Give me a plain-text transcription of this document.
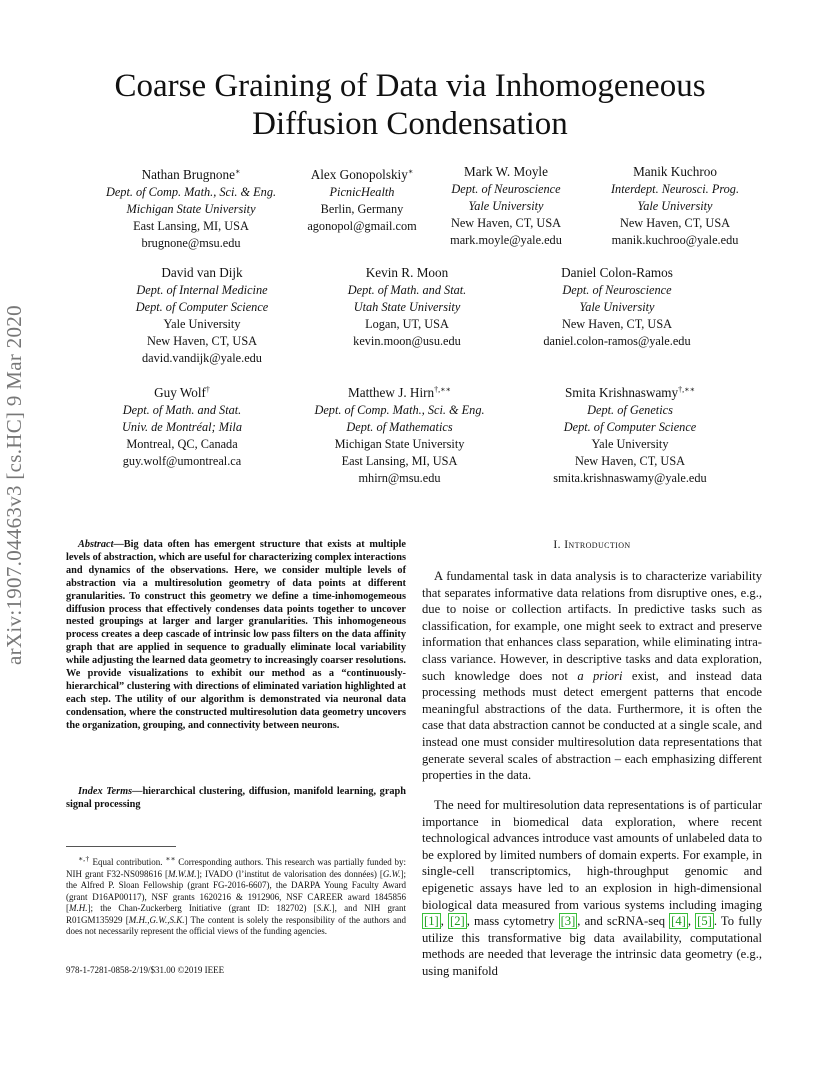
arXiv:1907.04463v3 [cs.HC] 9 Mar 2020
Coarse Graining of Data via Inhomogeneous Diffusion Condensation
Nathan Brugnone∗
Dept. of Comp. Math., Sci. & Eng.
Michigan State University
East Lansing, MI, USA
brugnone@msu.edu
Alex Gonopolskiy∗
PicnicHealth
Berlin, Germany
agonopol@gmail.com
Mark W. Moyle
Dept. of Neuroscience
Yale University
New Haven, CT, USA
mark.moyle@yale.edu
Manik Kuchroo
Interdept. Neurosci. Prog.
Yale University
New Haven, CT, USA
manik.kuchroo@yale.edu
David van Dijk
Dept. of Internal Medicine
Dept. of Computer Science
Yale University
New Haven, CT, USA
david.vandijk@yale.edu
Kevin R. Moon
Dept. of Math. and Stat.
Utah State University
Logan, UT, USA
kevin.moon@usu.edu
Daniel Colon-Ramos
Dept. of Neuroscience
Yale University
New Haven, CT, USA
daniel.colon-ramos@yale.edu
Guy Wolf†
Dept. of Math. and Stat.
Univ. de Montréal; Mila
Montreal, QC, Canada
guy.wolf@umontreal.ca
Matthew J. Hirn†,∗∗
Dept. of Comp. Math., Sci. & Eng.
Dept. of Mathematics
Michigan State University
East Lansing, MI, USA
mhirn@msu.edu
Smita Krishnaswamy†,∗∗
Dept. of Genetics
Dept. of Computer Science
Yale University
New Haven, CT, USA
smita.krishnaswamy@yale.edu
Abstract—Big data often has emergent structure that exists at multiple levels of abstraction, which are useful for characterizing complex interactions and dynamics of the observations. Here, we consider multiple levels of abstraction via a multiresolution geometry of data points at different granularities. To construct this geometry we define a time-inhomogemeous diffusion process that effectively condenses data points together to uncover nested groupings at larger and larger granularities. This inhomogeneous process creates a deep cascade of intrinsic low pass filters on the data affinity graph that are applied in sequence to gradually eliminate local variability while adjusting the learned data geometry to increasingly coarser resolutions. We provide visualizations to exhibit our method as a “continuously-hierarchical” clustering with directions of eliminated variation highlighted at each step. The utility of our algorithm is demonstrated via neuronal data condensation, where the constructed multiresolution data geometry uncovers the organization, grouping, and connectivity between neurons.
Index Terms—hierarchical clustering, diffusion, manifold learning, graph signal processing
∗,† Equal contribution. ∗∗ Corresponding authors. This research was partially funded by: NIH grant F32-NS098616 [M.W.M.]; IVADO (l’institut de valorisation des données) [G.W.]; the Alfred P. Sloan Fellowship (grant FG-2016-6607), the DARPA Young Faculty Award (grant D16AP00117), NSF grants 1620216 & 1912906, NSF CAREER award 1845856 [M.H.]; the Chan-Zuckerberg Initiative (grant ID: 182702) [S.K.], and NIH grant R01GM135929 [M.H.,G.W.,S.K.] The content is solely the responsibility of the authors and does not necessarily represent the official views of the funding agencies.
978-1-7281-0858-2/19/$31.00 ©2019 IEEE
I. Introduction
A fundamental task in data analysis is to characterize variability that separates informative data relations from disruptive ones, e.g., due to noise or collection artifacts. In predictive tasks such as classification, for example, one might seek to extract and preserve information that enhances class separation, while eliminating intra-class variance. However, in descriptive tasks and data exploration, such knowledge does not a priori exist, and instead data processing methods must detect emergent patterns that encode meaningful abstractions of the data. Furthermore, it is often the case that data abstraction cannot be conducted at a single scale, and instead one must consider multiresolution data representations that generate several scales of abstraction – each emphasizing different properties in the data.
The need for multiresolution data representations is of particular importance in biomedical data exploration, where recent technological advances introduce vast amounts of unlabeled data to be explored by limited numbers of domain experts. For example, in single-cell transcriptomics, high-throughput genomic and epigenetic assays have led to an explosion in high-dimensional biological data measured from various systems including imaging [1] , [2] , mass cytometry [3] , and scRNA-seq [4] , [5] . To fully utilize this transformative big data availability, computational methods are needed that leverage the intrinsic data geometry (e.g., using manifold
